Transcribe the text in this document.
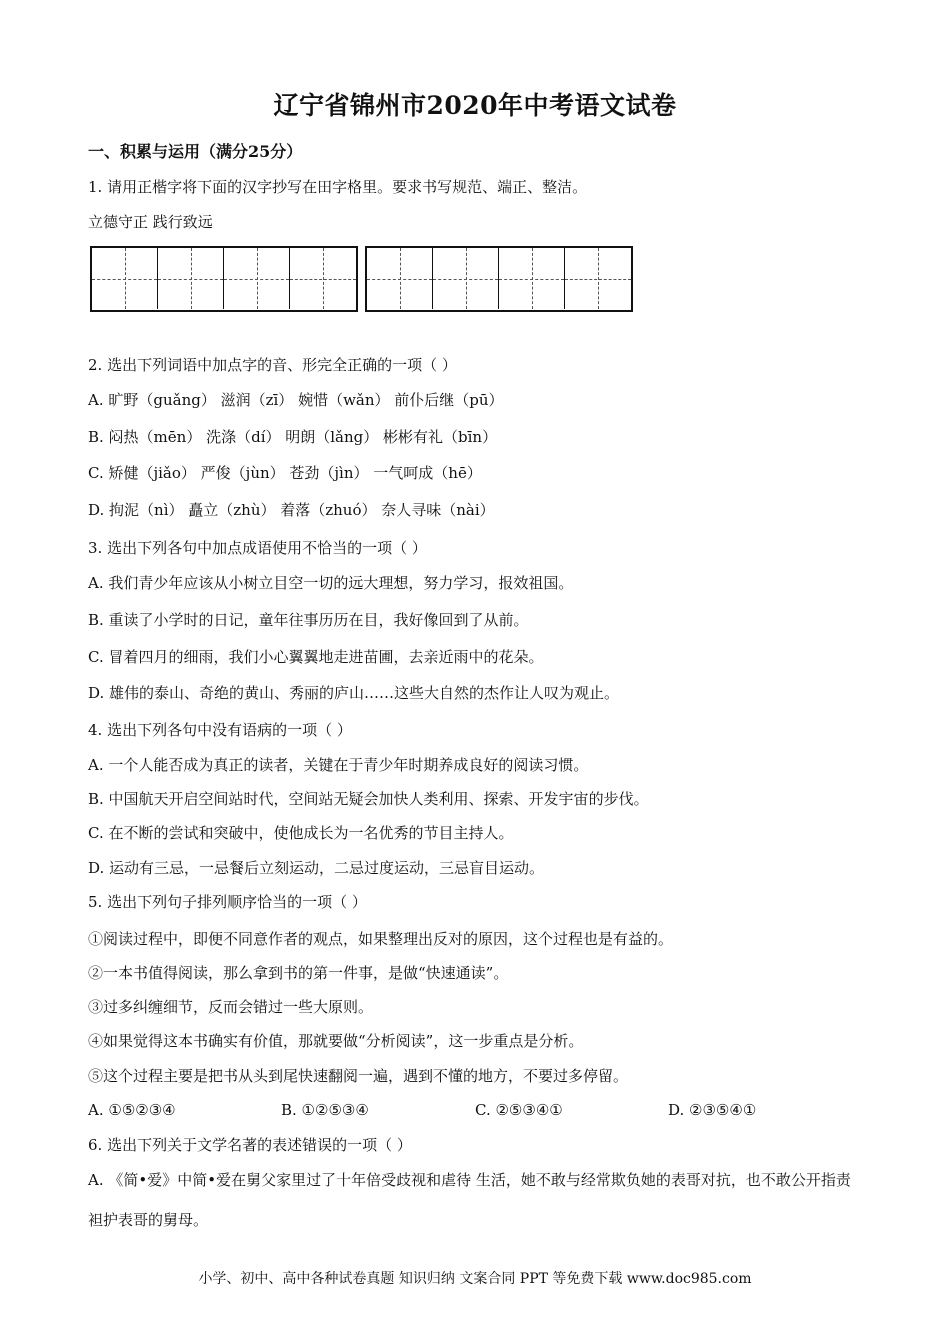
辽宁省锦州市2020年中考语文试卷
一、积累与运用（满分25分）
1. 请用正楷字将下面的汉字抄写在田字格里。要求书写规范、端正、整洁。
立德守正 践行致远
2. 选出下列词语中加点字的音、形完全正确的一项（ ）
A. 旷野（guǎng） 滋润（zī） 婉惜（wǎn） 前仆后继（pū）
B. 闷热（mēn） 洗涤（dí） 明朗（lǎng） 彬彬有礼（bīn）
C. 矫健（jiǎo） 严俊（jùn） 苍劲（jìn） 一气呵成（hē）
D. 拘泥（nì） 矗立（zhù） 着落（zhuó） 奈人寻味（nài）
3. 选出下列各句中加点成语使用不恰当的一项（ ）
A. 我们青少年应该从小树立目空一切的远大理想，努力学习，报效祖国。
B. 重读了小学时的日记，童年往事历历在目，我好像回到了从前。
C. 冒着四月的细雨，我们小心翼翼地走进苗圃，去亲近雨中的花朵。
D. 雄伟的泰山、奇绝的黄山、秀丽的庐山……这些大自然的杰作让人叹为观止。
4. 选出下列各句中没有语病的一项（ ）
A. 一个人能否成为真正的读者，关键在于青少年时期养成良好的阅读习惯。
B. 中国航天开启空间站时代，空间站无疑会加快人类利用、探索、开发宇宙的步伐。
C. 在不断的尝试和突破中，使他成长为一名优秀的节目主持人。
D. 运动有三忌，一忌餐后立刻运动，二忌过度运动，三忌盲目运动。
5. 选出下列句子排列顺序恰当的一项（ ）
①阅读过程中，即便不同意作者的观点，如果整理出反对的原因，这个过程也是有益的。
②一本书值得阅读，那么拿到书的第一件事，是做“快速通读”。
③过多纠缠细节，反而会错过一些大原则。
④如果觉得这本书确实有价值，那就要做“分析阅读”，这一步重点是分析。
⑤这个过程主要是把书从头到尾快速翻阅一遍，遇到不懂的地方，不要过多停留。
A. ①⑤②③④	B. ①②⑤③④	C. ②⑤③④①	D. ②③⑤④①
6. 选出下列关于文学名著的表述错误的一项（ ）
A. 《简•爱》中简•爱在舅父家里过了十年倍受歧视和虐待 生活，她不敢与经常欺负她的表哥对抗，也不敢公开指责袒护表哥的舅母。
小学、初中、高中各种试卷真题 知识归纳 文案合同 PPT 等免费下载 www.doc985.com
